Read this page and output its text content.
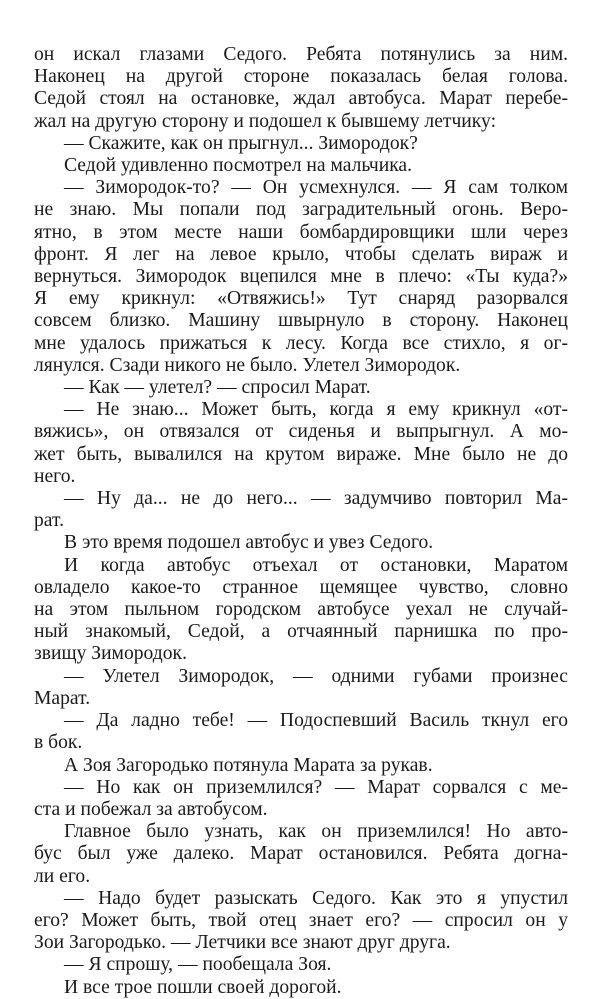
он искал глазами Седого. Ребята потянулись за ним.
Наконец на другой стороне показалась белая голова.
Седой стоял на остановке, ждал автобуса. Марат перебе-
жал на другую сторону и подошел к бывшему летчику:
— Скажите, как он прыгнул... Зимородок?
Седой удивленно посмотрел на мальчика.
— Зимородок-то? — Он усмехнулся. — Я сам толком
не знаю. Мы попали под заградительный огонь. Веро-
ятно, в этом месте наши бомбардировщики шли через
фронт. Я лег на левое крыло, чтобы сделать вираж и
вернуться. Зимородок вцепился мне в плечо: «Ты куда?»
Я ему крикнул: «Отвяжись!» Тут снаряд разорвался
совсем близко. Машину швырнуло в сторону. Наконец
мне удалось прижаться к лесу. Когда все стихло, я ог-
лянулся. Сзади никого не было. Улетел Зимородок.
— Как — улетел? — спросил Марат.
— Не знаю... Может быть, когда я ему крикнул «от-
вяжись», он отвязался от сиденья и выпрыгнул. А мо-
жет быть, вывалился на крутом вираже. Мне было не до
него.
— Ну да... не до него... — задумчиво повторил Ма-
рат.
В это время подошел автобус и увез Седого.
И когда автобус отъехал от остановки, Маратом
овладело какое-то странное щемящее чувство, словно
на этом пыльном городском автобусе уехал не случай-
ный знакомый, Седой, а отчаянный парнишка по про-
звищу Зимородок.
— Улетел Зимородок, — одними губами произнес
Марат.
— Да ладно тебе! — Подоспевший Василь ткнул его
в бок.
А Зоя Загородько потянула Марата за рукав.
— Но как он приземлился? — Марат сорвался с ме-
ста и побежал за автобусом.
Главное было узнать, как он приземлился! Но авто-
бус был уже далеко. Марат остановился. Ребята догна-
ли его.
— Надо будет разыскать Седого. Как это я упустил
его? Может быть, твой отец знает его? — спросил он у
Зои Загородько. — Летчики все знают друг друга.
— Я спрошу, — пообещала Зоя.
И все трое пошли своей дорогой.
